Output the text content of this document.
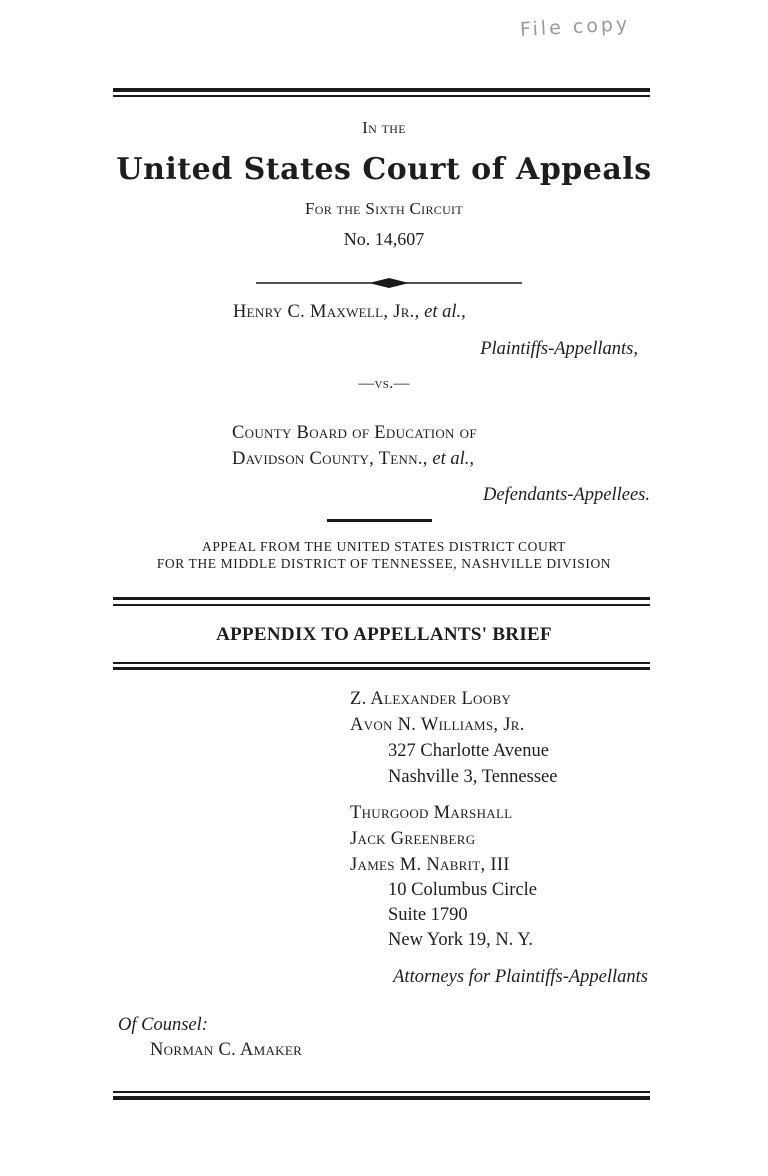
File copy
In the
United States Court of Appeals
For the Sixth Circuit
No. 14,607
Henry C. Maxwell, Jr., et al.,
Plaintiffs-Appellants,
—vs.—
County Board of Education of
Davidson County, Tenn., et al.,
Defendants-Appellees.
APPEAL FROM THE UNITED STATES DISTRICT COURT
FOR THE MIDDLE DISTRICT OF TENNESSEE, NASHVILLE DIVISION
APPENDIX TO APPELLANTS' BRIEF
Z. Alexander Looby
Avon N. Williams, Jr.
327 Charlotte Avenue
Nashville 3, Tennessee
Thurgood Marshall
Jack Greenberg
James M. Nabrit, III
10 Columbus Circle
Suite 1790
New York 19, N. Y.
Attorneys for Plaintiffs-Appellants
Of Counsel:
Norman C. Amaker
